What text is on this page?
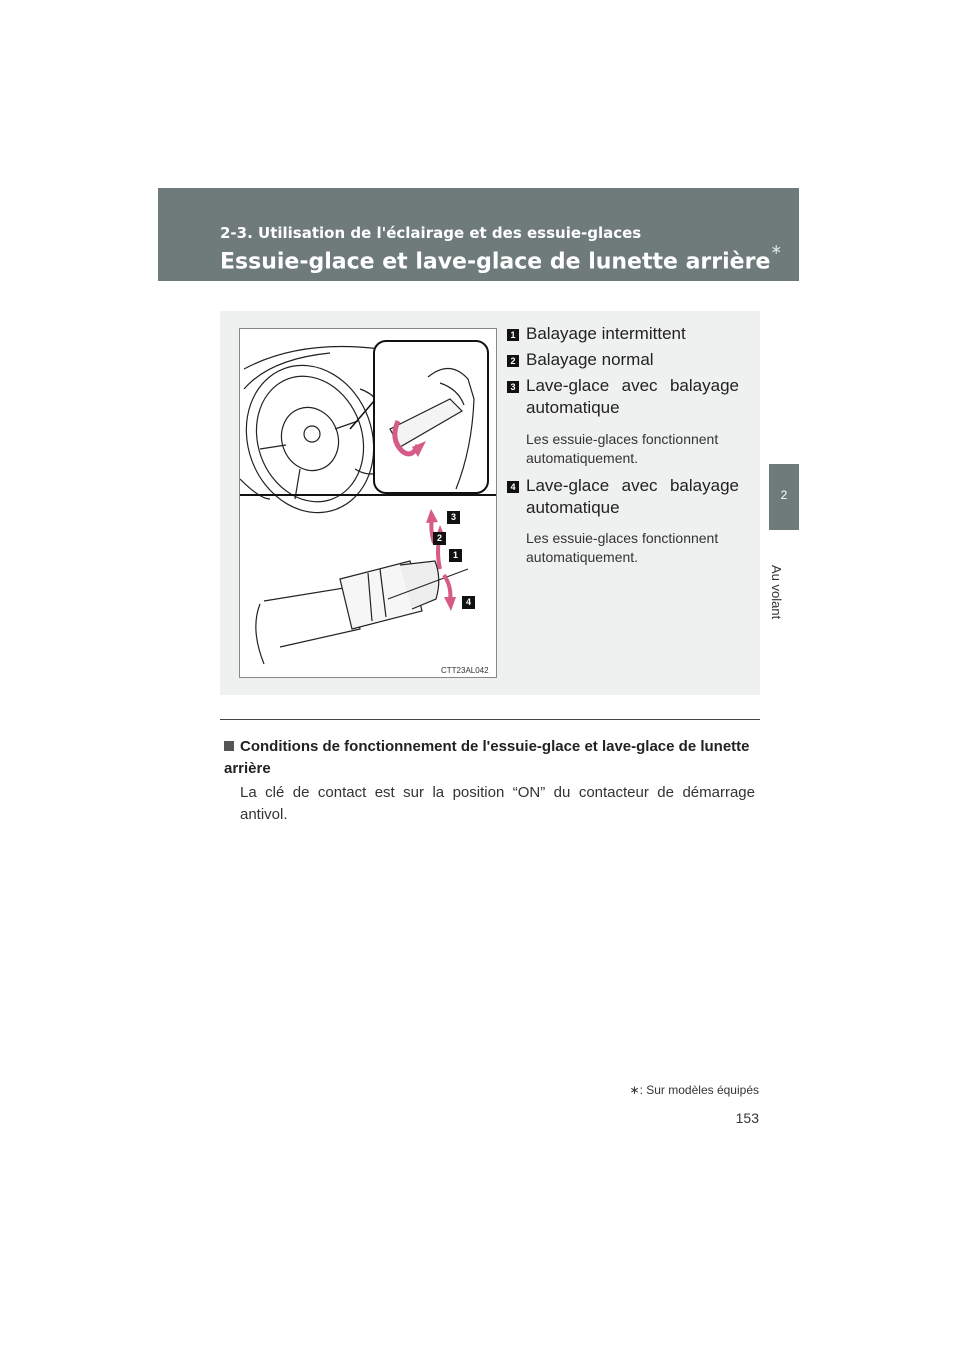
2-3. Utilisation de l'éclairage et des essuie-glaces
Essuie-glace et lave-glace de lunette arrière∗
2
Au volant
3
2
1
4
CTT23AL042
1 Balayage intermittent
2 Balayage normal
3 Lave-glace avec balayage
automatique
Les essuie-glaces fonctionnent
automatiquement.
4 Lave-glace avec balayage
automatique
Les essuie-glaces fonctionnent
automatiquement.
Conditions de fonctionnement de l'essuie-glace et lave-glace de lunette arrière
La clé de contact est sur la position “ON” du contacteur de démarrage antivol.
∗: Sur modèles équipés
153
